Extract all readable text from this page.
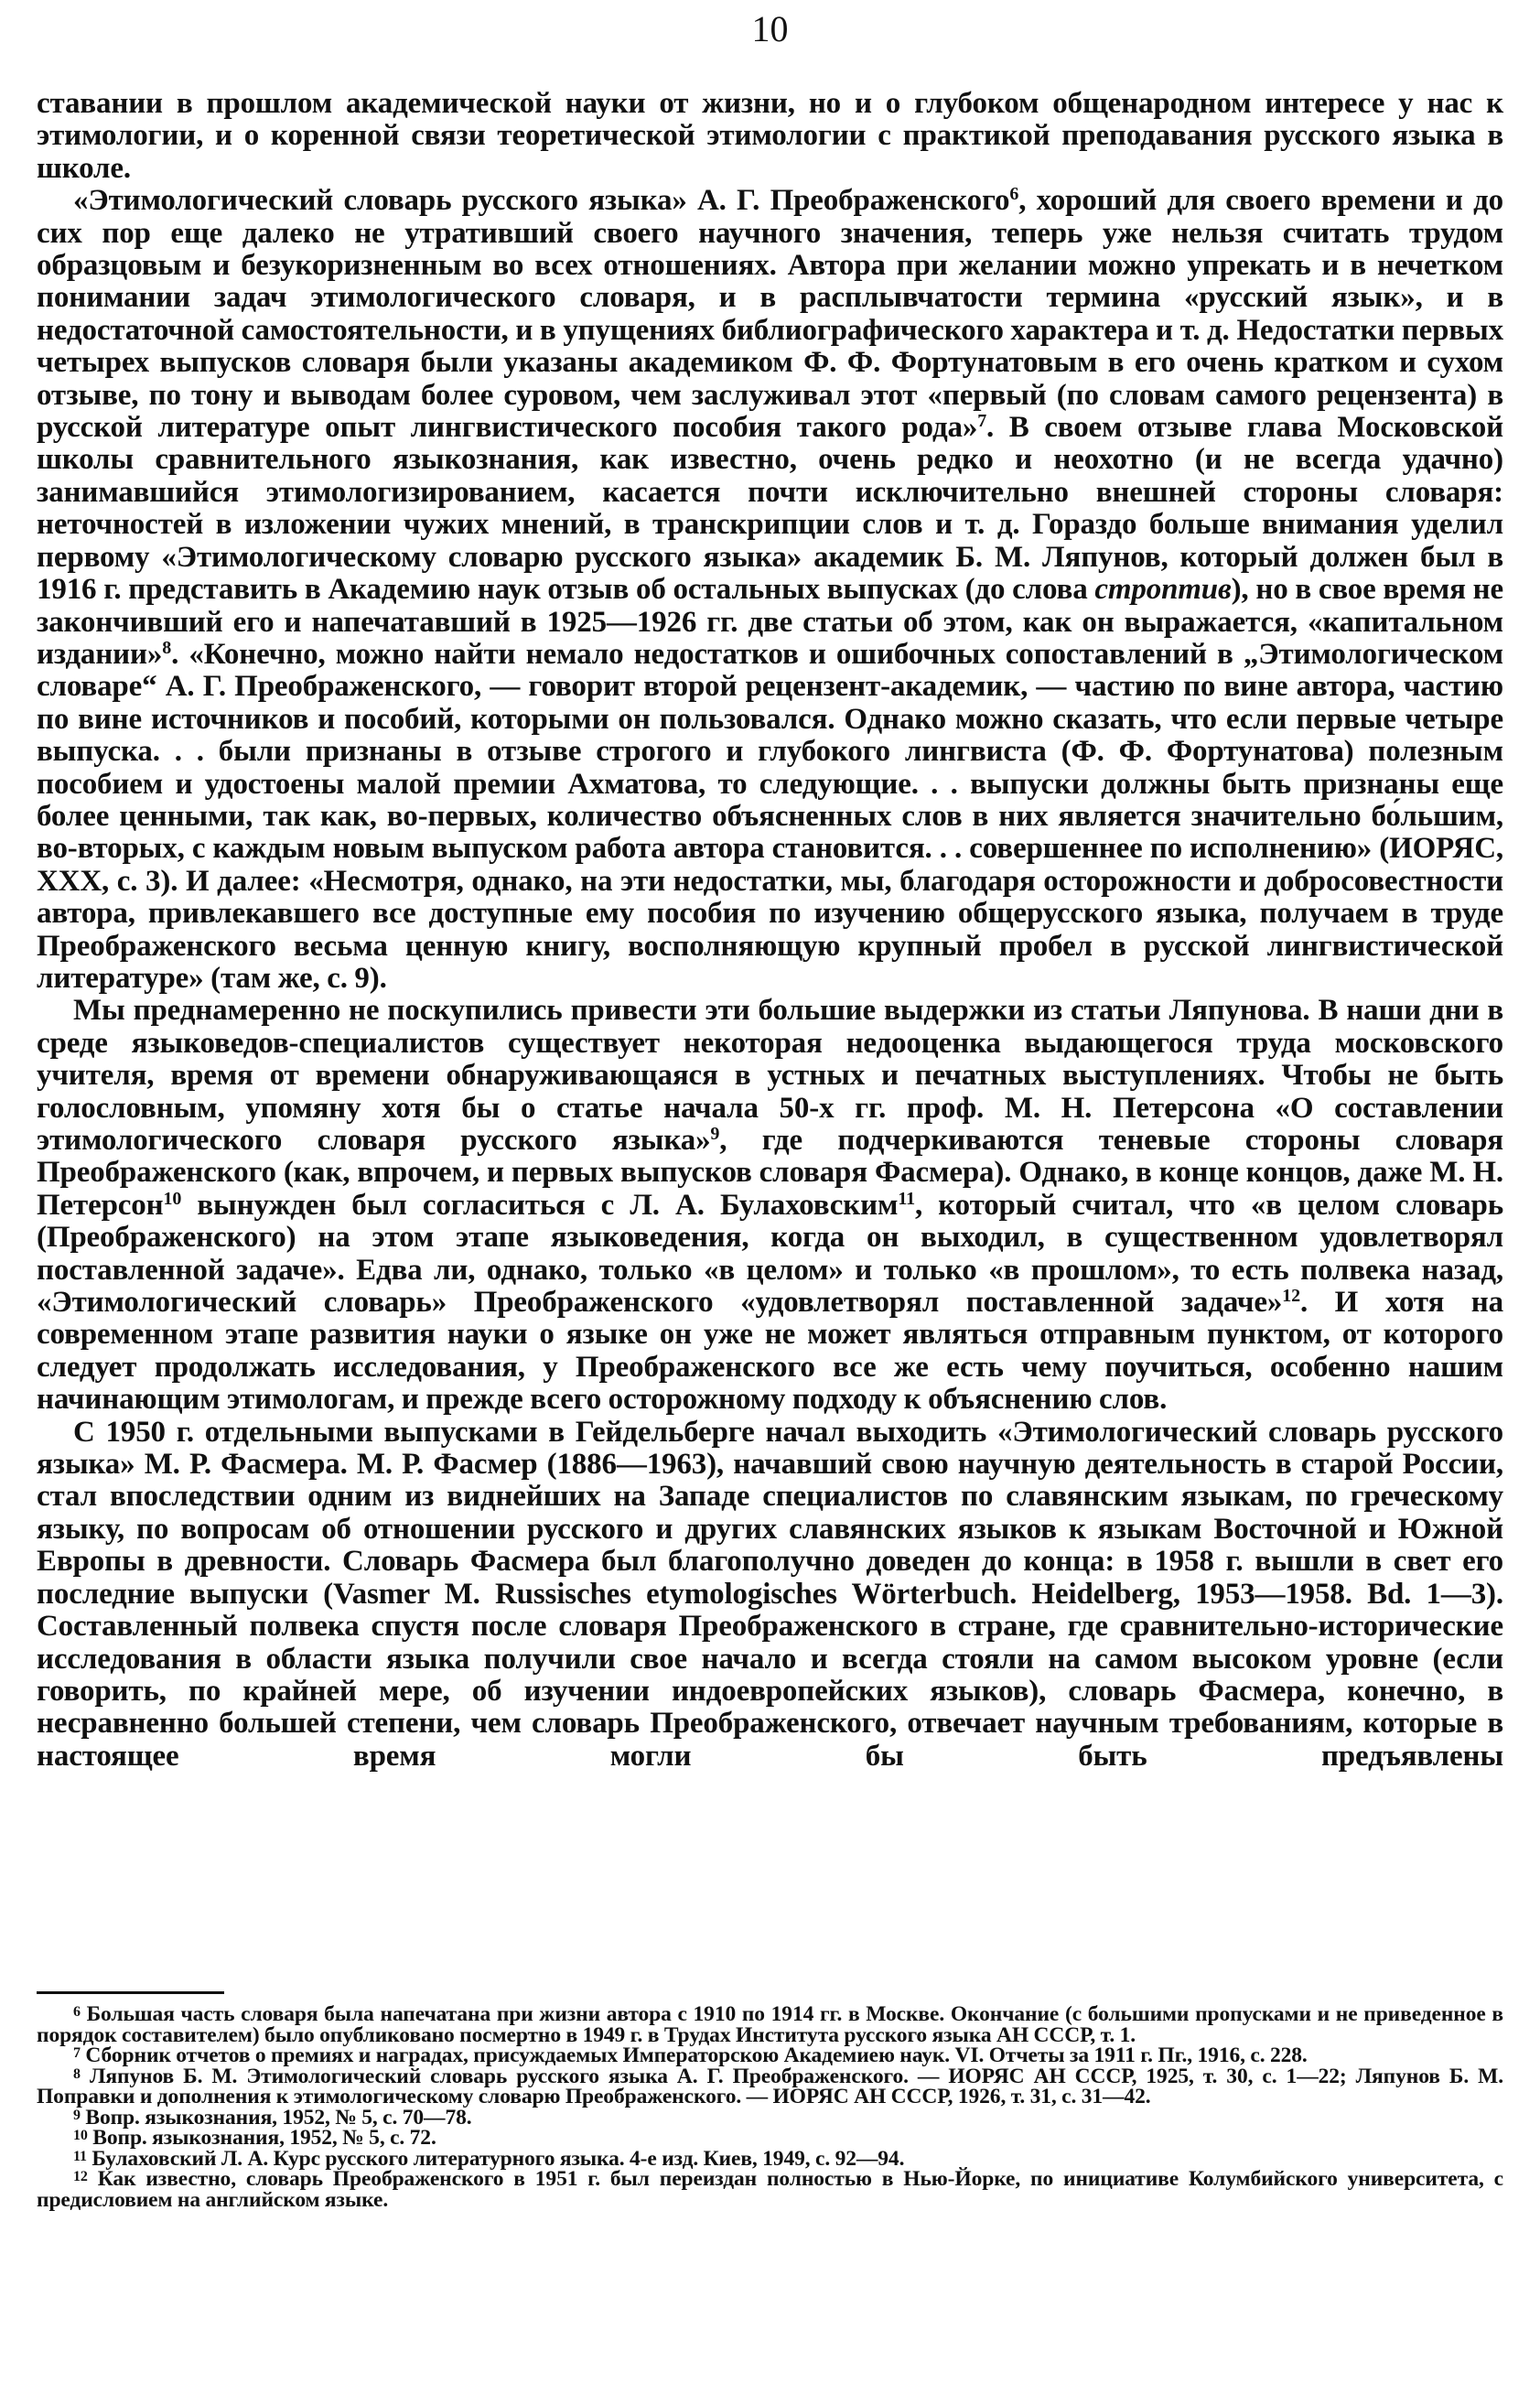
10

ставании в прошлом академической науки от жизни, но и о глубоком общенародном интересе у нас к этимологии, и о коренной связи теоретической этимологии с практикой преподавания русского языка в школе.

«Этимологический словарь русского языка» А. Г. Преображенского$^6$, хороший для своего времени и до сих пор еще далеко не утративший своего научного значения, теперь уже нельзя считать трудом образцовым и безукоризненным во всех отношениях. Автора при желании можно упрекать и в нечетком понимании задач этимологического словаря, и в расплывчатости термина «русский язык», и в недостаточной самостоятельности, и в упущениях библиографического характера и т. д. Недостатки первых четырех выпусков словаря были указаны академиком Ф. Ф. Фортунатовым в его очень кратком и сухом отзыве, по тону и выводам более суровом, чем заслуживал этот «первый (по словам самого рецензента) в русской литературе опыт лингвистического пособия такого рода»$^7$. В своем отзыве глава Московской школы сравнительного языкознания, как известно, очень редко и неохотно (и не всегда удачно) занимавшийся этимологизированием, касается почти исключительно внешней стороны словаря: неточностей в изложении чужих мнений, в транскрипции слов и т. д. Гораздо больше внимания уделил первому «Этимологическому словарю русского языка» академик Б. М. Ляпунов, который должен был в 1916 г. представить в Академию наук отзыв об остальных выпусках (до слова строптив), но в свое время не закончивший его и напечатавший в 1925—1926 гг. две статьи об этом, как он выражается, «капитальном издании»$^8$. «Конечно, можно найти немало недостатков и ошибочных сопоставлений в „Этимологическом словаре“ А. Г. Преображенского, — говорит второй рецензент-академик, — частию по вине автора, частию по вине источников и пособий, которыми он пользовался. Однако можно сказать, что если первые четыре выпуска. . . были признаны в отзыве строгого и глубокого лингвиста (Ф. Ф. Фортунатова) полезным пособием и удостоены малой премии Ахматова, то следующие. . . выпуски должны быть признаны еще более ценными, так как, во-первых, количество объясненных слов в них является значительно бо́льшим, во-вторых, с каждым новым выпуском работа автора становится. . . совершеннее по исполнению» (ИОРЯС, XXX, с. 3). И далее: «Несмотря, однако, на эти недостатки, мы, благодаря осторожности и добросовестности автора, привлекавшего все доступные ему пособия по изучению общерусского языка, получаем в труде Преображенского весьма ценную книгу, восполняющую крупный пробел в русской лингвистической литературе» (там же, с. 9).

Мы преднамеренно не поскупились привести эти большие выдержки из статьи Ляпунова. В наши дни в среде языковедов-специалистов существует некоторая недооценка выдающегося труда московского учителя, время от времени обнаруживающаяся в устных и печатных выступлениях. Чтобы не быть голословным, упомяну хотя бы о статье начала 50-х гг. проф. М. Н. Петерсона «О составлении этимологического словаря русского языка»$^9$, где подчеркиваются теневые стороны словаря Преображенского (как, впрочем, и первых выпусков словаря Фасмера). Однако, в конце концов, даже М. Н. Петерсон$^{10}$ вынужден был согласиться с Л. А. Булаховским$^{11}$, который считал, что «в целом словарь (Преображенского) на этом этапе языковедения, когда он выходил, в существенном удовлетворял поставленной задаче». Едва ли, однако, только «в целом» и только «в прошлом», то есть полвека назад, «Этимологический словарь» Преображенского «удовлетворял поставленной задаче»$^{12}$. И хотя на современном этапе развития науки о языке он уже не может являться отправным пунктом, от которого следует продолжать исследования, у Преображенского все же есть чему поучиться, особенно нашим начинающим этимологам, и прежде всего осторожному подходу к объяснению слов.

С 1950 г. отдельными выпусками в Гейдельберге начал выходить «Этимологический словарь русского языка» М. Р. Фасмера. М. Р. Фасмер (1886—1963), начавший свою научную деятельность в старой России, стал впоследствии одним из виднейших на Западе специалистов по славянским языкам, по греческому языку, по вопросам об отношении русского и других славянских языков к языкам Восточной и Южной Европы в древности. Словарь Фасмера был благополучно доведен до конца: в 1958 г. вышли в свет его последние выпуски (Vasmer M. Russisches etymologisches Wörterbuch. Heidelberg, 1953—1958. Bd. 1—3). Составленный полвека спустя после словаря Преображенского в стране, где сравнительно-исторические исследования в области языка получили свое начало и всегда стояли на самом высоком уровне (если говорить, по крайней мере, об изучении индоевропейских языков), словарь Фасмера, конечно, в несравненно большей степени, чем словарь Преображенского, отвечает научным требованиям, которые в настоящее время могли бы быть предъявлены

$^6$ Большая часть словаря была напечатана при жизни автора с 1910 по 1914 гг. в Москве. Окончание (с большими пропусками и не приведенное в порядок составителем) было опубликовано посмертно в 1949 г. в Трудах Института русского языка АН СССР, т. 1.

$^7$ Сборник отчетов о премиях и наградах, присуждаемых Императорскою Академиею наук. VI. Отчеты за 1911 г. Пг., 1916, с. 228.

$^8$ Ляпунов Б. М. Этимологический словарь русского языка А. Г. Преображенского. — ИОРЯС АН СССР, 1925, т. 30, с. 1—22; Ляпунов Б. М. Поправки и дополнения к этимологическому словарю Преображенского. — ИОРЯС АН СССР, 1926, т. 31, с. 31—42.

$^9$ Вопр. языкознания, 1952, № 5, с. 70—78.

$^{10}$ Вопр. языкознания, 1952, № 5, с. 72.

$^{11}$ Булаховский Л. А. Курс русского литературного языка. 4-е изд. Киев, 1949, с. 92—94.

$^{12}$ Как известно, словарь Преображенского в 1951 г. был переиздан полностью в Нью-Йорке, по инициативе Колумбийского университета, с предисловием на английском языке.
